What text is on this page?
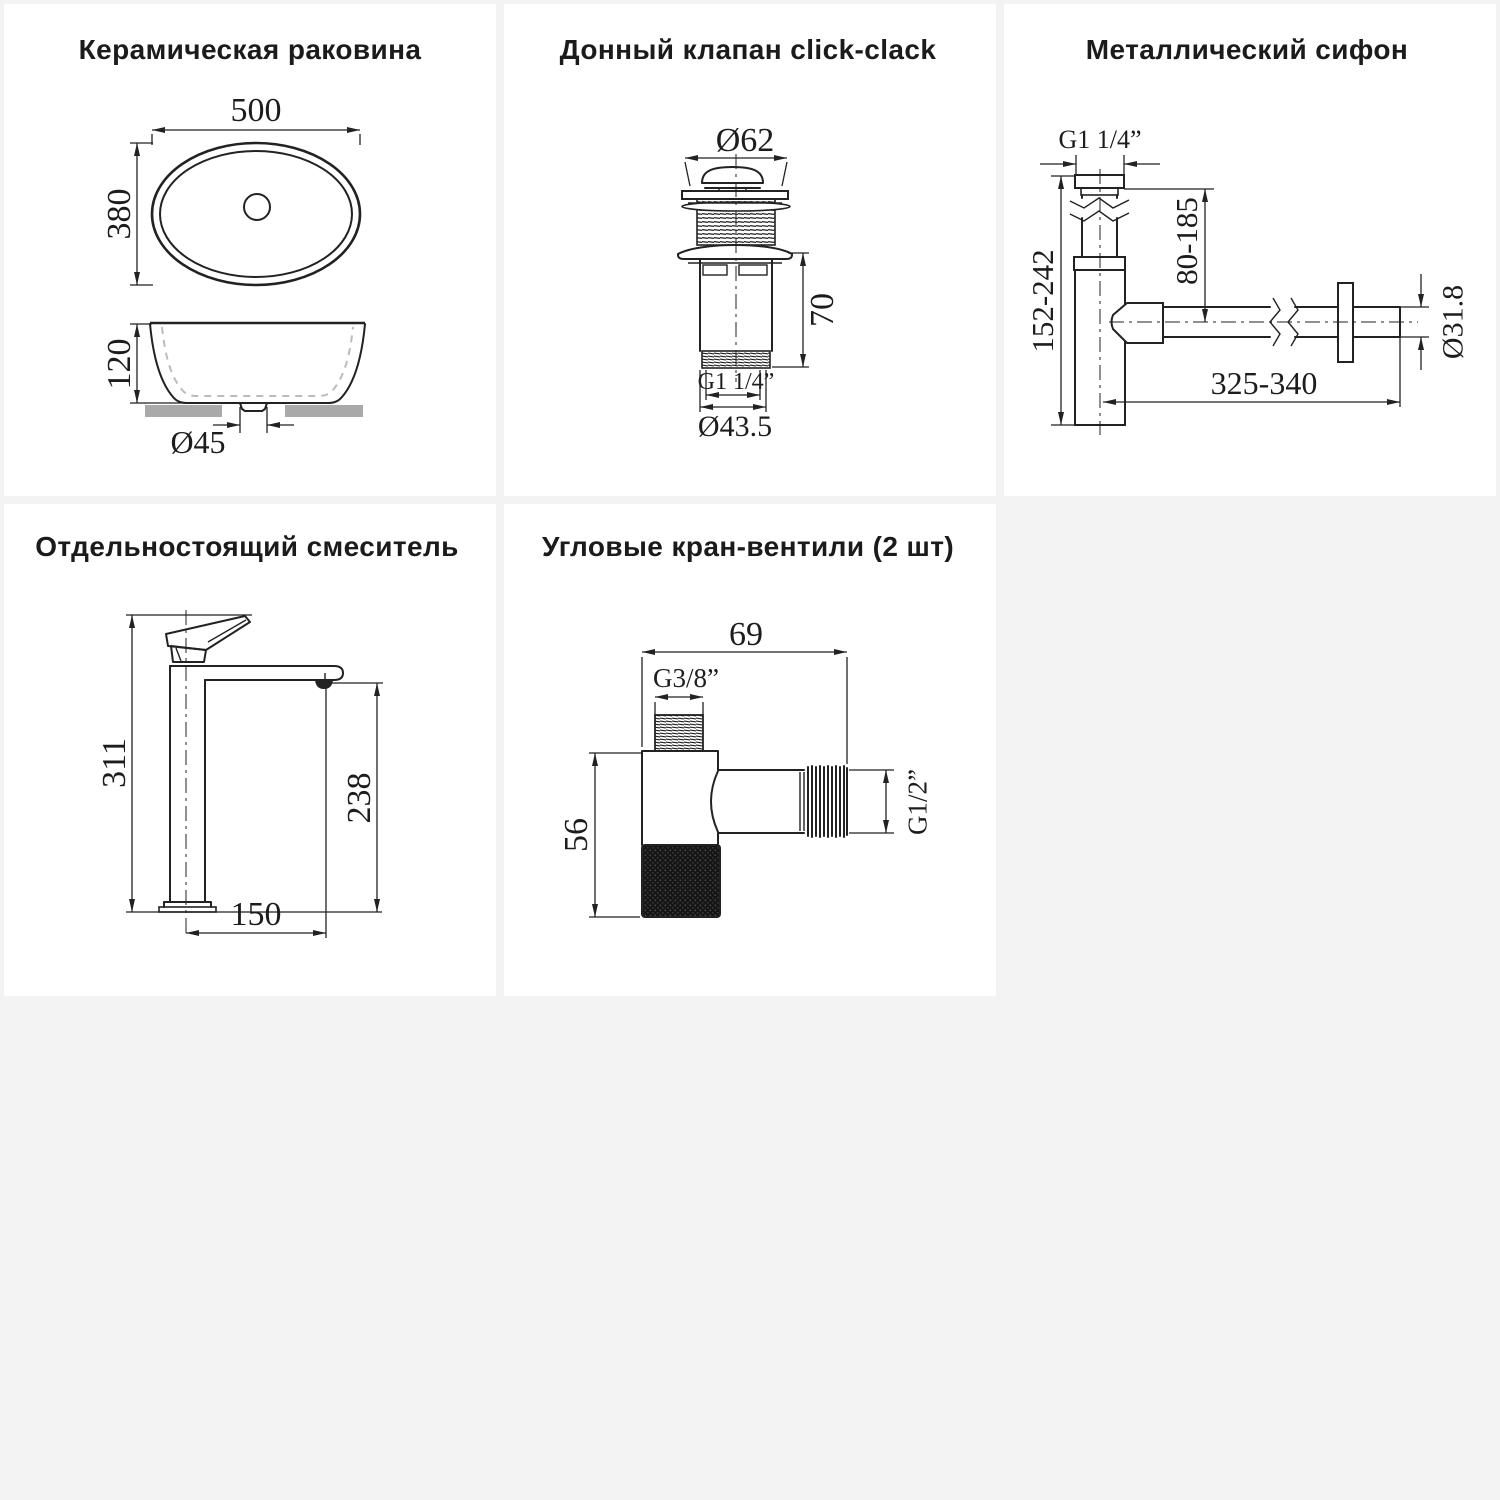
Керамическая раковина
500
380
120
Ø45
Донный клапан click-clack
Ø62
70
G1 1/4”
Ø43.5
Металлический сифон
G1 1/4”
152-242
80-185
Ø31.8
325-340
Отдельностоящий смеситель
311
238
150
Угловые кран-вентили (2 шт)
69
G3/8”
56
G1/2”
